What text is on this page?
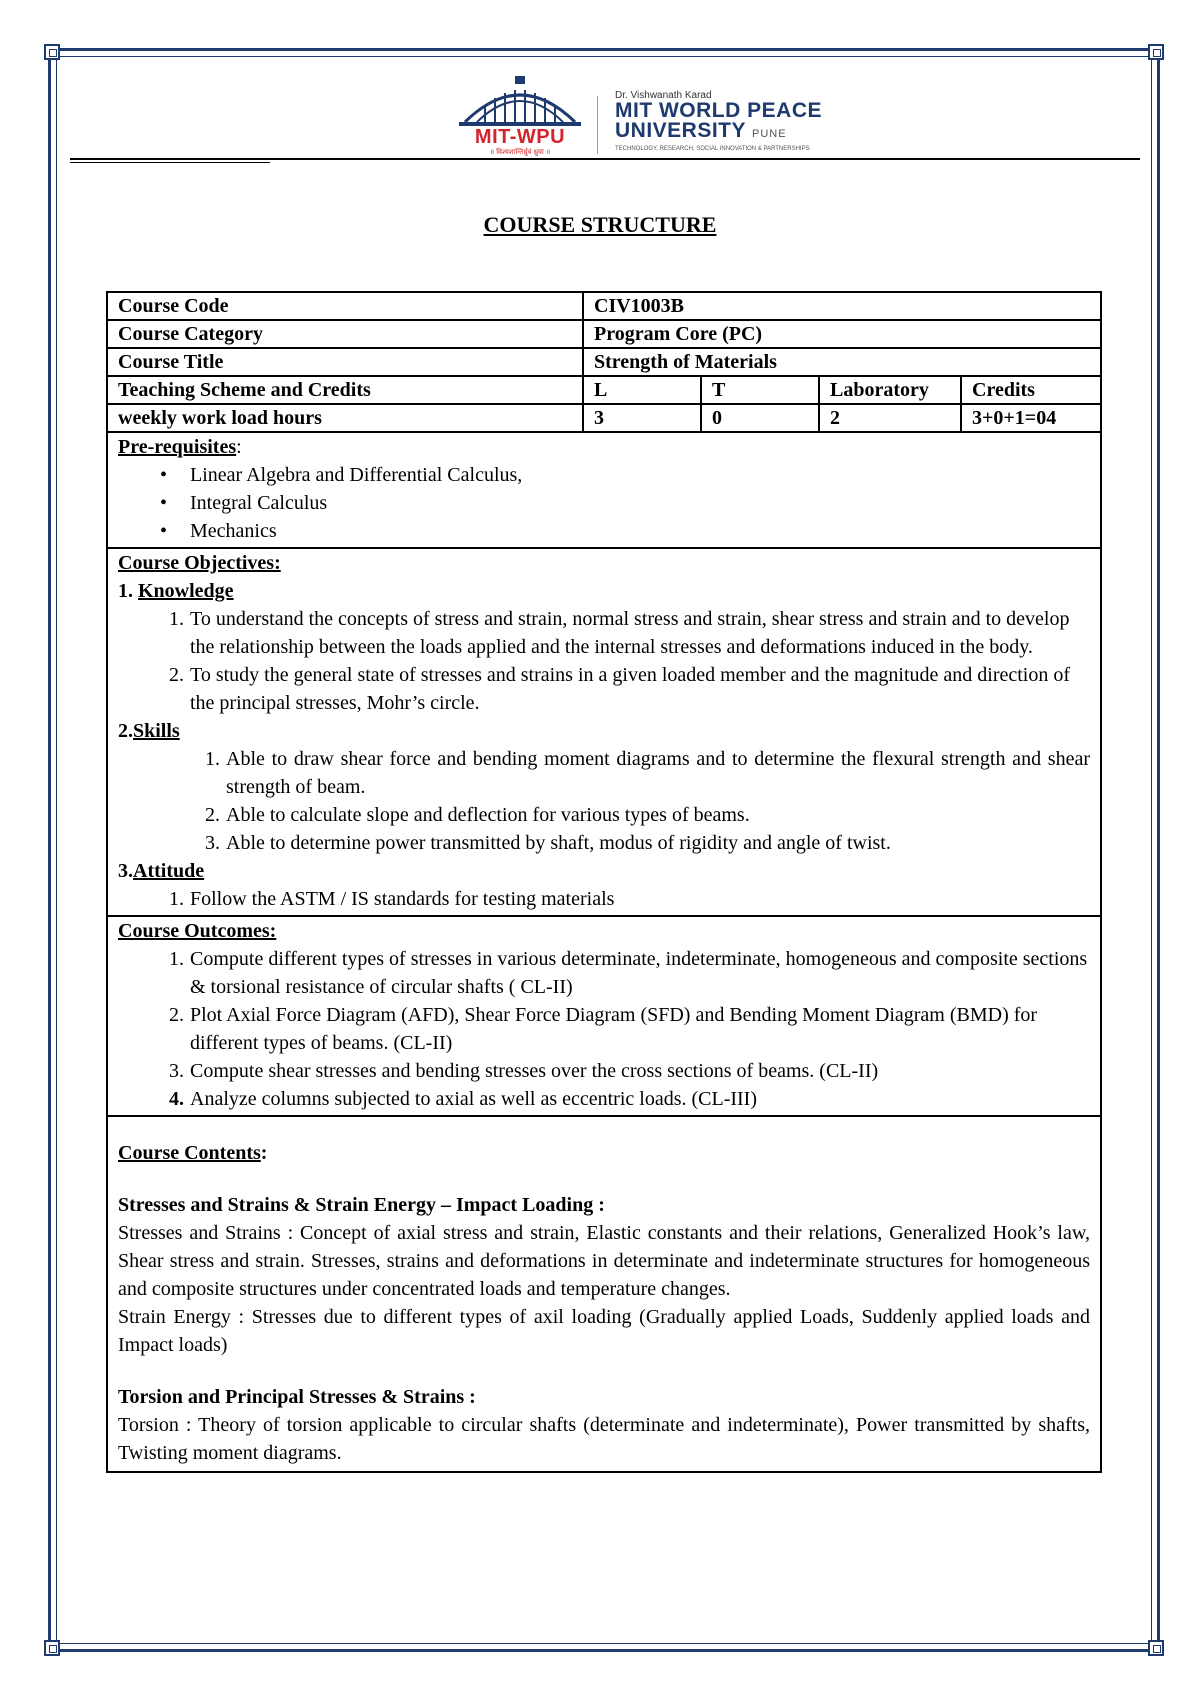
MIT-WPU
॥ विश्वशान्तिर्ध्रुवं ध्रुवा ॥
Dr. Vishwanath Karad
MIT WORLD PEACE
UNIVERSITY PUNE
TECHNOLOGY, RESEARCH, SOCIAL INNOVATION & PARTNERSHIPS
COURSE STRUCTURE
Course Code	CIV1003B
Course Category	Program Core (PC)
Course Title	Strength of Materials
Teaching Scheme and Credits	L	T	Laboratory	Credits
weekly work load hours	3	0	2	3+0+1=04
Pre-requisites:
• Linear Algebra and Differential Calculus,
• Integral Calculus
• Mechanics
Course Objectives:
1. Knowledge
1. To understand the concepts of stress and strain, normal stress and strain, shear stress and strain and to develop the relationship between the loads applied and the internal stresses and deformations induced in the body.
2. To study the general state of stresses and strains in a given loaded member and the magnitude and direction of the principal stresses, Mohr’s circle.
2.Skills
1. Able to draw shear force and bending moment diagrams and to determine the flexural strength and shear strength of beam.
2. Able to calculate slope and deflection for various types of beams.
3. Able to determine power transmitted by shaft, modus of rigidity and angle of twist.
3.Attitude
1. Follow the ASTM / IS standards for testing materials
Course Outcomes:
1. Compute different types of stresses in various determinate, indeterminate, homogeneous and composite sections & torsional resistance of circular shafts ( CL-II)
2. Plot Axial Force Diagram (AFD), Shear Force Diagram (SFD) and Bending Moment Diagram (BMD) for different types of beams. (CL-II)
3. Compute shear stresses and bending stresses over the cross sections of beams. (CL-II)
4. Analyze columns subjected to axial as well as eccentric loads. (CL-III)
Course Contents:
Stresses and Strains & Strain Energy – Impact Loading :
Stresses and Strains : Concept of axial stress and strain, Elastic constants and their relations, Generalized Hook’s law, Shear stress and strain. Stresses, strains and deformations in determinate and indeterminate structures for homogeneous and composite structures under concentrated loads and temperature changes.
Strain Energy : Stresses due to different types of axil loading (Gradually applied Loads, Suddenly applied loads and Impact loads)
Torsion and Principal Stresses & Strains :
Torsion : Theory of torsion applicable to circular shafts (determinate and indeterminate), Power transmitted by shafts, Twisting moment diagrams.
